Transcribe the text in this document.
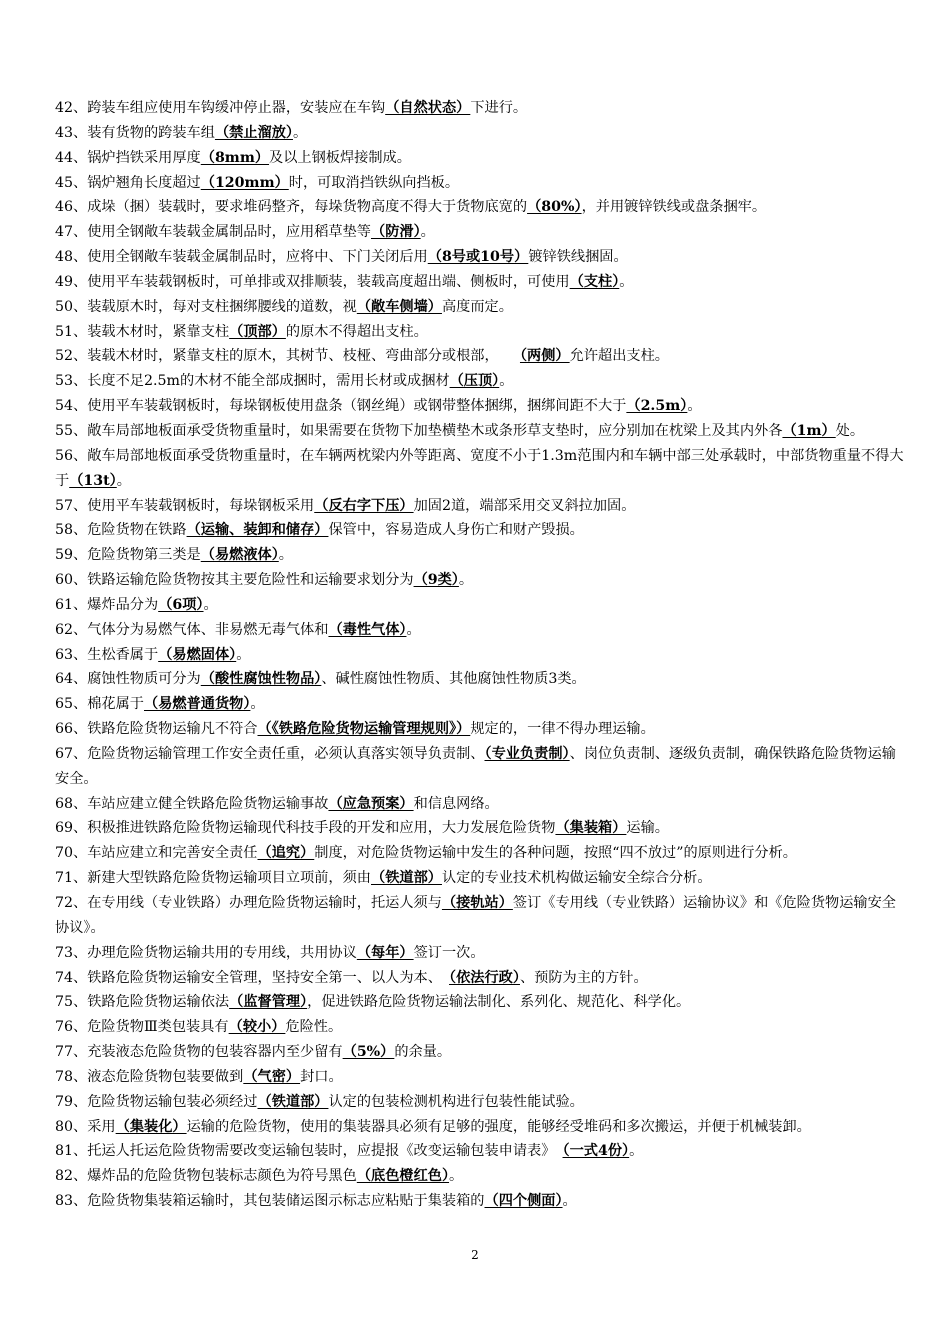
42、跨装车组应使用车钩缓冲停止器，安装应在车钩（自然状态）下进行。

43、装有货物的跨装车组（禁止溜放）。

44、锅炉挡铁采用厚度（8mm）及以上钢板焊接制成。

45、锅炉翘角长度超过（120mm）时，可取消挡铁纵向挡板。

46、成垛（捆）装载时，要求堆码整齐，每垛货物高度不得大于货物底宽的（80%），并用镀锌铁线或盘条捆牢。

47、使用全钢敞车装载金属制品时，应用稻草垫等（防滑）。

48、使用全钢敞车装载金属制品时，应将中、下门关闭后用（8号或10号）镀锌铁线捆固。

49、使用平车装载钢板时，可单排或双排顺装，装载高度超出端、侧板时，可使用（支柱）。

50、装载原木时，每对支柱捆绑腰线的道数，视（敞车侧墙）高度而定。

51、装载木材时，紧靠支柱（顶部）的原木不得超出支柱。

52、装载木材时，紧靠支柱的原木，其树节、枝桠、弯曲部分或根部，　　（两侧）允许超出支柱。

53、长度不足2.5m的木材不能全部成捆时，需用长材或成捆材（压顶）。

54、使用平车装载钢板时，每垛钢板使用盘条（钢丝绳）或钢带整体捆绑，捆绑间距不大于（2.5m）。

55、敞车局部地板面承受货物重量时，如果需要在货物下加垫横垫木或条形草支垫时，应分别加在枕梁上及其内外各（1m）处。

56、敞车局部地板面承受货物重量时，在车辆两枕梁内外等距离、宽度不小于1.3m范围内和车辆中部三处承载时，中部货物重量不得大于（13t）。

57、使用平车装载钢板时，每垛钢板采用（反右字下压）加固2道，端部采用交叉斜拉加固。

58、危险货物在铁路（运输、装卸和储存）保管中，容易造成人身伤亡和财产毁损。

59、危险货物第三类是（易燃液体）。

60、铁路运输危险货物按其主要危险性和运输要求划分为（9类）。

61、爆炸品分为（6项）。

62、气体分为易燃气体、非易燃无毒气体和（毒性气体）。

63、生松香属于（易燃固体）。

64、腐蚀性物质可分为（酸性腐蚀性物品）、碱性腐蚀性物质、其他腐蚀性物质3类。

65、棉花属于（易燃普通货物）。

66、铁路危险货物运输凡不符合（《铁路危险货物运输管理规则》）规定的，一律不得办理运输。

67、危险货物运输管理工作安全责任重，必须认真落实领导负责制、（专业负责制）、岗位负责制、逐级负责制，确保铁路危险货物运输安全。

68、车站应建立健全铁路危险货物运输事故（应急预案）和信息网络。

69、积极推进铁路危险货物运输现代科技手段的开发和应用，大力发展危险货物（集装箱）运输。

70、车站应建立和完善安全责任（追究）制度，对危险货物运输中发生的各种问题，按照“四不放过”的原则进行分析。

71、新建大型铁路危险货物运输项目立项前，须由（铁道部）认定的专业技术机构做运输安全综合分析。

72、在专用线（专业铁路）办理危险货物运输时，托运人须与（接轨站）签订《专用线（专业铁路）运输协议》和《危险货物运输安全协议》。

73、办理危险货物运输共用的专用线，共用协议（每年）签订一次。

74、铁路危险货物运输安全管理，坚持安全第一、以人为本、　（依法行政）、预防为主的方针。

75、铁路危险货物运输依法（监督管理），促进铁路危险货物运输法制化、系列化、规范化、科学化。

76、危险货物Ⅲ类包装具有（较小）危险性。

77、充装液态危险货物的包装容器内至少留有（5%）的余量。

78、液态危险货物包装要做到（气密）封口。

79、危险货物运输包装必须经过（铁道部）认定的包装检测机构进行包装性能试验。

80、采用（集装化）运输的危险货物，使用的集装器具必须有足够的强度，能够经受堆码和多次搬运，并便于机械装卸。

81、托运人托运危险货物需要改变运输包装时，应提报《改变运输包装申请表》　（一式4份）。

82、爆炸品的危险货物包装标志颜色为符号黑色（底色橙红色）。

83、危险货物集装箱运输时，其包装储运图示标志应粘贴于集装箱的（四个侧面）。

2
